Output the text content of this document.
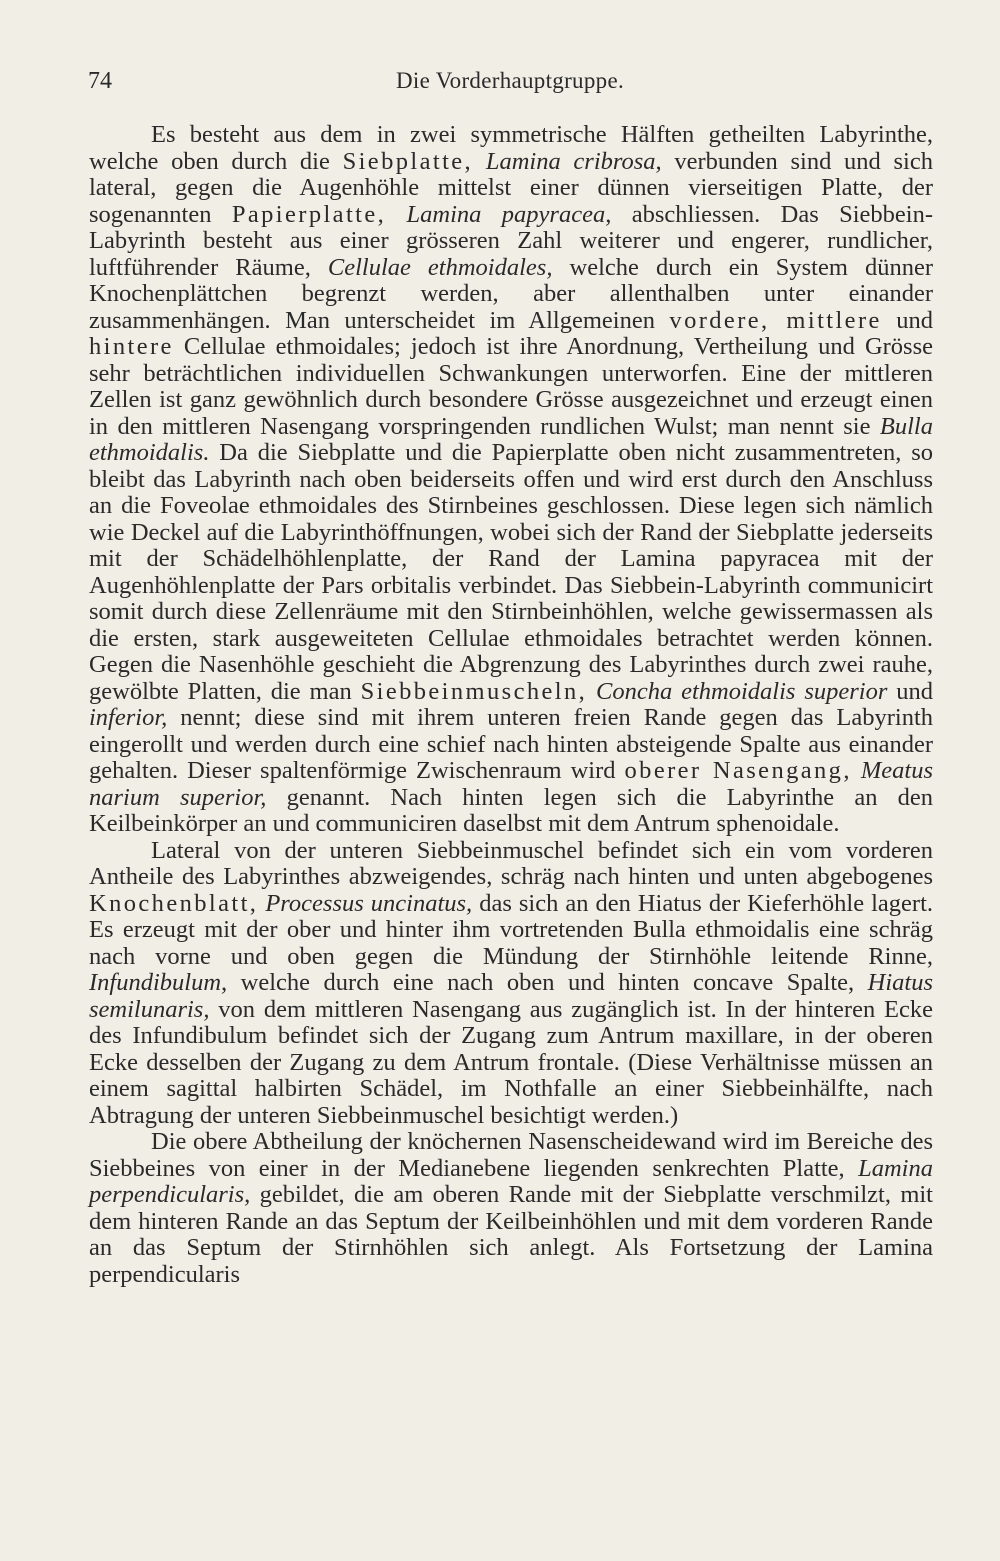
74	Die Vorderhauptgruppe.

Es besteht aus dem in zwei symmetrische Hälften getheilten Labyrinthe, welche oben durch die Siebplatte, Lamina cribrosa, verbunden sind und sich lateral, gegen die Augenhöhle mittelst einer dünnen vierseitigen Platte, der sogenannten Papierplatte, Lamina papyracea, abschliessen. Das Siebbein-Labyrinth besteht aus einer grösseren Zahl weiterer und engerer, rundlicher, luftführender Räume, Cellulae ethmoidales, welche durch ein System dünner Knochenplättchen begrenzt werden, aber allenthalben unter einander zusammenhängen. Man unterscheidet im Allgemeinen vordere, mittlere und hintere Cellulae ethmoidales; jedoch ist ihre Anordnung, Vertheilung und Grösse sehr beträchtlichen individuellen Schwankungen unterworfen. Eine der mittleren Zellen ist ganz gewöhnlich durch besondere Grösse ausgezeichnet und erzeugt einen in den mittleren Nasengang vorspringenden rundlichen Wulst; man nennt sie Bulla ethmoidalis. Da die Siebplatte und die Papierplatte oben nicht zusammentreten, so bleibt das Labyrinth nach oben beiderseits offen und wird erst durch den Anschluss an die Foveolae ethmoidales des Stirnbeines geschlossen. Diese legen sich nämlich wie Deckel auf die Labyrinthöffnungen, wobei sich der Rand der Siebplatte jederseits mit der Schädelhöhlenplatte, der Rand der Lamina papyracea mit der Augenhöhlenplatte der Pars orbitalis verbindet. Das Siebbein-Labyrinth communicirt somit durch diese Zellenräume mit den Stirnbeinhöhlen, welche gewissermassen als die ersten, stark ausgeweiteten Cellulae ethmoidales betrachtet werden können. Gegen die Nasenhöhle geschieht die Abgrenzung des Labyrinthes durch zwei rauhe, gewölbte Platten, die man Siebbeinmuscheln, Concha ethmoidalis superior und inferior, nennt; diese sind mit ihrem unteren freien Rande gegen das Labyrinth eingerollt und werden durch eine schief nach hinten absteigende Spalte aus einander gehalten. Dieser spaltenförmige Zwischenraum wird oberer Nasengang, Meatus narium superior, genannt. Nach hinten legen sich die Labyrinthe an den Keilbeinkörper an und communiciren daselbst mit dem Antrum sphenoidale.

Lateral von der unteren Siebbeinmuschel befindet sich ein vom vorderen Antheile des Labyrinthes abzweigendes, schräg nach hinten und unten abgebogenes Knochenblatt, Processus uncinatus, das sich an den Hiatus der Kieferhöhle lagert. Es erzeugt mit der ober und hinter ihm vortretenden Bulla ethmoidalis eine schräg nach vorne und oben gegen die Mündung der Stirnhöhle leitende Rinne, Infundibulum, welche durch eine nach oben und hinten concave Spalte, Hiatus semilunaris, von dem mittleren Nasengang aus zugänglich ist. In der hinteren Ecke des Infundibulum befindet sich der Zugang zum Antrum maxillare, in der oberen Ecke desselben der Zugang zu dem Antrum frontale. (Diese Verhältnisse müssen an einem sagittal halbirten Schädel, im Nothfalle an einer Siebbeinhälfte, nach Abtragung der unteren Siebbeinmuschel besichtigt werden.)

Die obere Abtheilung der knöchernen Nasenscheidewand wird im Bereiche des Siebbeines von einer in der Medianebene liegenden senkrechten Platte, Lamina perpendicularis, gebildet, die am oberen Rande mit der Siebplatte verschmilzt, mit dem hinteren Rande an das Septum der Keilbeinhöhlen und mit dem vorderen Rande an das Septum der Stirnhöhlen sich anlegt. Als Fortsetzung der Lamina perpendicularis
